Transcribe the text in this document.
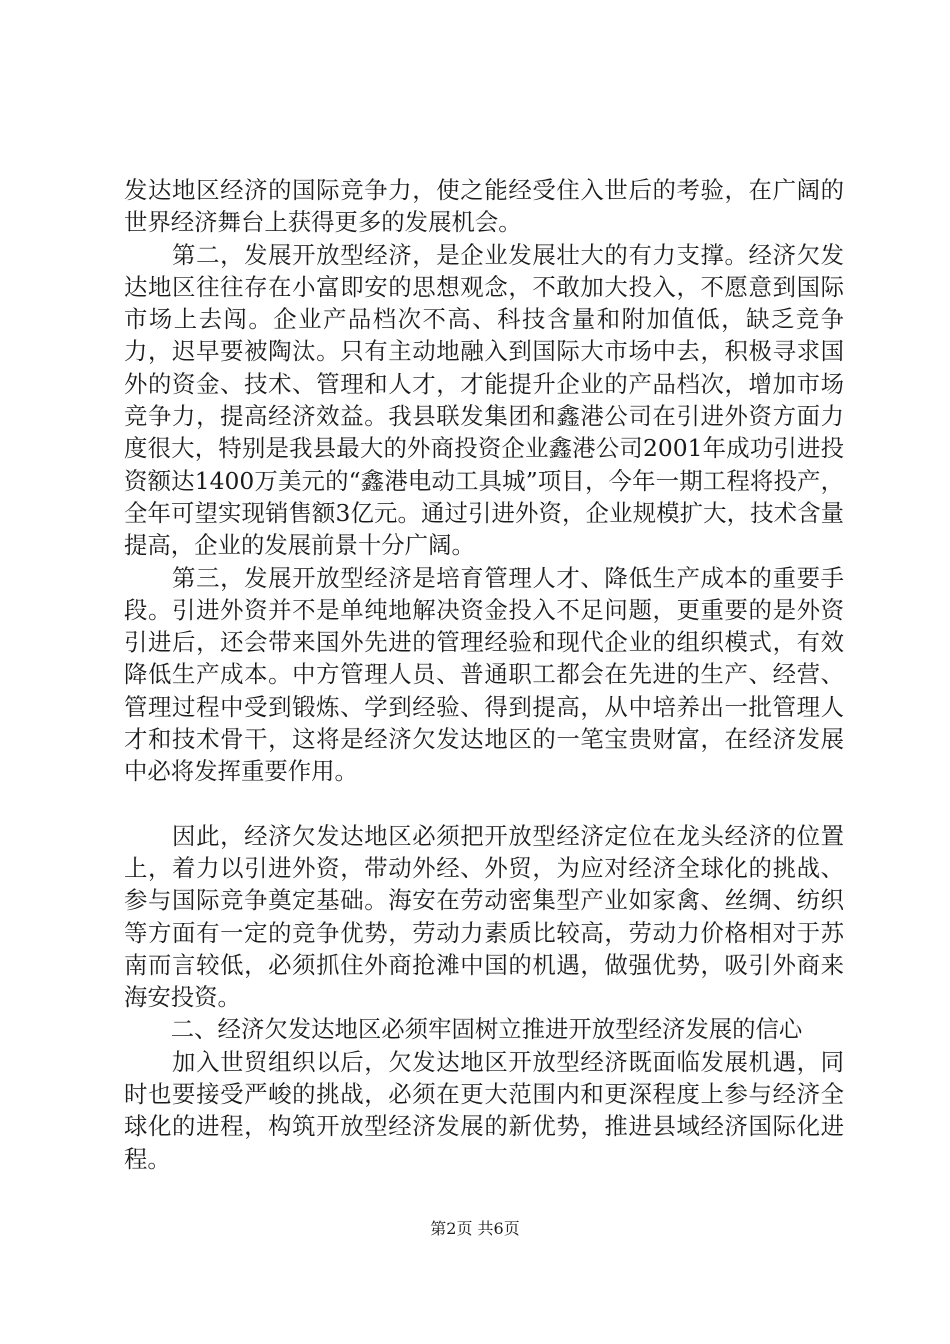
发达地区经济的国际竞争力，使之能经受住入世后的考验，在广阔的世界经济舞台上获得更多的发展机会。

　　第二，发展开放型经济，是企业发展壮大的有力支撑。经济欠发达地区往往存在小富即安的思想观念，不敢加大投入，不愿意到国际市场上去闯。企业产品档次不高、科技含量和附加值低，缺乏竞争力，迟早要被陶汰。只有主动地融入到国际大市场中去，积极寻求国外的资金、技术、管理和人才，才能提升企业的产品档次，增加市场竞争力，提高经济效益。我县联发集团和鑫港公司在引进外资方面力度很大，特别是我县最大的外商投资企业鑫港公司2001年成功引进投资额达1400万美元的“鑫港电动工具城”项目，今年一期工程将投产，全年可望实现销售额3亿元。通过引进外资，企业规模扩大，技术含量提高，企业的发展前景十分广阔。

　　第三，发展开放型经济是培育管理人才、降低生产成本的重要手段。引进外资并不是单纯地解决资金投入不足问题，更重要的是外资引进后，还会带来国外先进的管理经验和现代企业的组织模式，有效降低生产成本。中方管理人员、普通职工都会在先进的生产、经营、管理过程中受到锻炼、学到经验、得到提高，从中培养出一批管理人才和技术骨干，这将是经济欠发达地区的一笔宝贵财富，在经济发展中必将发挥重要作用。

　　因此，经济欠发达地区必须把开放型经济定位在龙头经济的位置上，着力以引进外资，带动外经、外贸，为应对经济全球化的挑战、参与国际竞争奠定基础。海安在劳动密集型产业如家禽、丝绸、纺织等方面有一定的竞争优势，劳动力素质比较高，劳动力价格相对于苏南而言较低，必须抓住外商抢滩中国的机遇，做强优势，吸引外商来海安投资。

　　二、经济欠发达地区必须牢固树立推进开放型经济发展的信心

　　加入世贸组织以后，欠发达地区开放型经济既面临发展机遇，同时也要接受严峻的挑战，必须在更大范围内和更深程度上参与经济全球化的进程，构筑开放型经济发展的新优势，推进县域经济国际化进程。

第2页 共6页
